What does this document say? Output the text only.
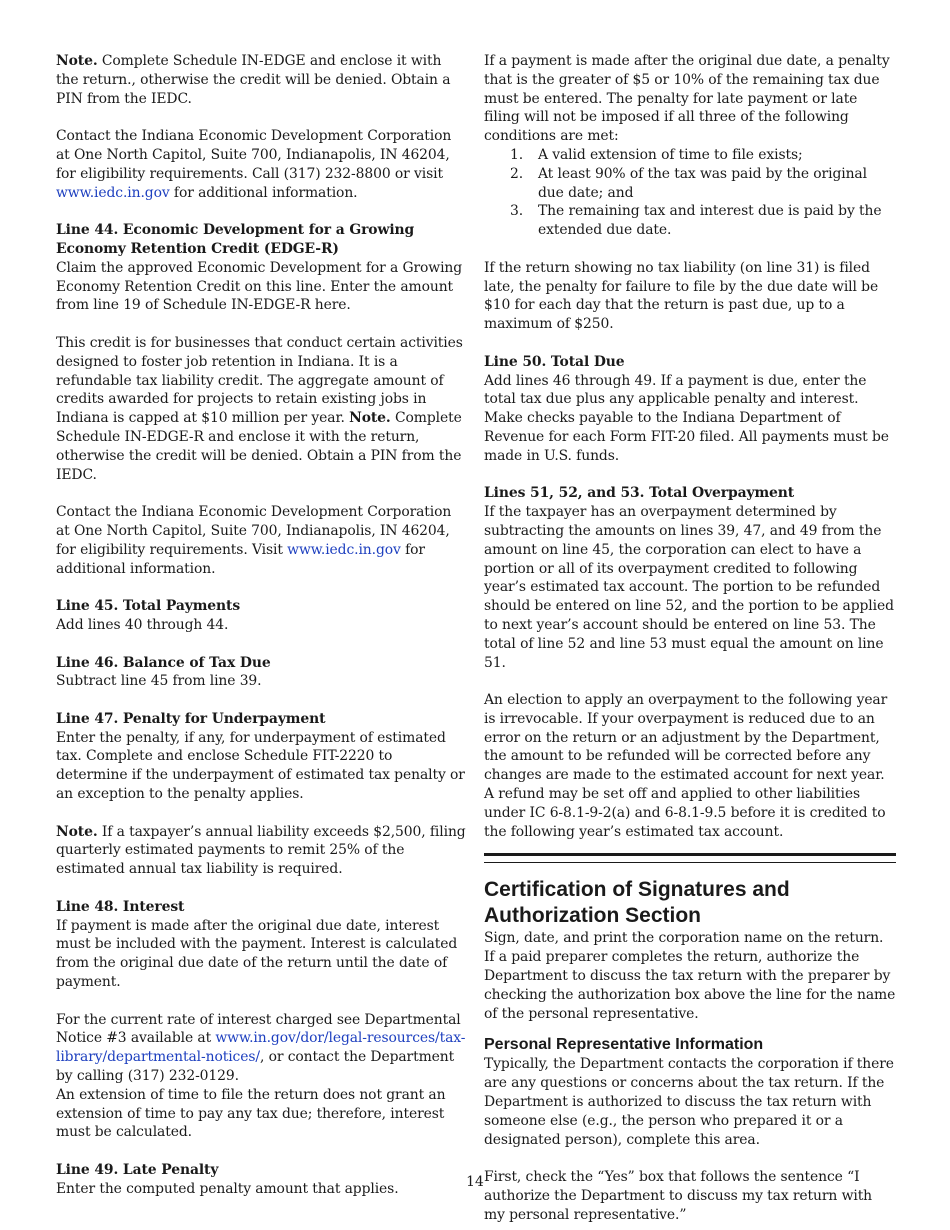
Note. Complete Schedule IN-EDGE and enclose it with the return., otherwise the credit will be denied. Obtain a PIN from the IEDC.

Contact the Indiana Economic Development Corporation at One North Capitol, Suite 700, Indianapolis, IN 46204, for eligibility requirements. Call (317) 232-8800 or visit www.iedc.in.gov for additional information.

Line 44. Economic Development for a Growing Economy Retention Credit (EDGE-R)

Claim the approved Economic Development for a Growing Economy Retention Credit on this line. Enter the amount from line 19 of Schedule IN-EDGE-R here.

This credit is for businesses that conduct certain activities designed to foster job retention in Indiana. It is a refundable tax liability credit. The aggregate amount of credits awarded for projects to retain existing jobs in Indiana is capped at $10 million per year. Note. Complete Schedule IN-EDGE-R and enclose it with the return, otherwise the credit will be denied. Obtain a PIN from the IEDC.

Contact the Indiana Economic Development Corporation at One North Capitol, Suite 700, Indianapolis, IN 46204, for eligibility requirements. Visit www.iedc.in.gov for additional information.

Line 45. Total Payments

Add lines 40 through 44.

Line 46. Balance of Tax Due

Subtract line 45 from line 39.

Line 47. Penalty for Underpayment

Enter the penalty, if any, for underpayment of estimated tax. Complete and enclose Schedule FIT-2220 to determine if the underpayment of estimated tax penalty or an exception to the penalty applies.

Note. If a taxpayer’s annual liability exceeds $2,500, filing quarterly estimated payments to remit 25% of the estimated annual tax liability is required.

Line 48. Interest

If payment is made after the original due date, interest must be included with the payment. Interest is calculated from the original due date of the return until the date of payment.

For the current rate of interest charged see Departmental Notice #3 available at www.in.gov/dor/legal-resources/tax-library/departmental-notices/, or contact the Department by calling (317) 232-0129.

An extension of time to file the return does not grant an extension of time to pay any tax due; therefore, interest must be calculated.

Line 49. Late Penalty

Enter the computed penalty amount that applies.

If a payment is made after the original due date, a penalty that is the greater of $5 or 10% of the remaining tax due must be entered. The penalty for late payment or late filing will not be imposed if all three of the following conditions are met:

1.	A valid extension of time to file exists;
2.	At least 90% of the tax was paid by the original due date; and
3.	The remaining tax and interest due is paid by the extended due date.

If the return showing no tax liability (on line 31) is filed late, the penalty for failure to file by the due date will be $10 for each day that the return is past due, up to a maximum of $250.

Line 50. Total Due

Add lines 46 through 49. If a payment is due, enter the total tax due plus any applicable penalty and interest. Make checks payable to the Indiana Department of Revenue for each Form FIT-20 filed. All payments must be made in U.S. funds.

Lines 51, 52, and 53. Total Overpayment

If the taxpayer has an overpayment determined by subtracting the amounts on lines 39, 47, and 49 from the amount on line 45, the corporation can elect to have a portion or all of its overpayment credited to following year’s estimated tax account. The portion to be refunded should be entered on line 52, and the portion to be applied to next year’s account should be entered on line 53. The total of line 52 and line 53 must equal the amount on line 51.

An election to apply an overpayment to the following year is irrevocable. If your overpayment is reduced due to an error on the return or an adjustment by the Department, the amount to be refunded will be corrected before any changes are made to the estimated account for next year. A refund may be set off and applied to other liabilities under IC 6-8.1-9-2(a) and 6-8.1-9.5 before it is credited to the following year’s estimated tax account.

Certification of Signatures and Authorization Section

Sign, date, and print the corporation name on the return. If a paid preparer completes the return, authorize the Department to discuss the tax return with the preparer by checking the authorization box above the line for the name of the personal representative.

Personal Representative Information

Typically, the Department contacts the corporation if there are any questions or concerns about the tax return. If the Department is authorized to discuss the tax return with someone else (e.g., the person who prepared it or a designated person), complete this area.

First, check the “Yes” box that follows the sentence “I authorize the Department to discuss my tax return with my personal representative.”

14
